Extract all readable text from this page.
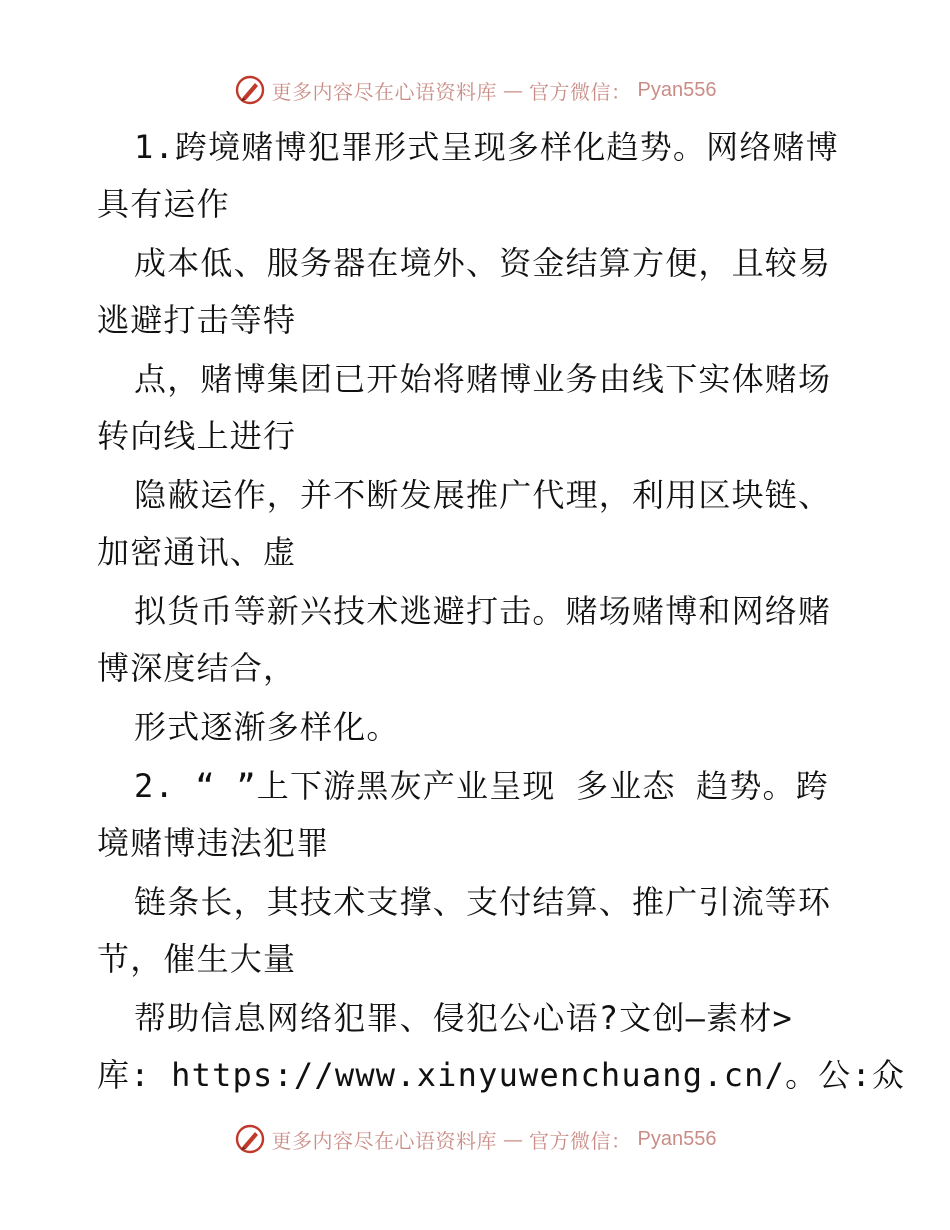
更多内容尽在心语资料库 — 官方微信： Pyan556
1.跨境赌博犯罪形式呈现多样化趋势。网络赌博
具有运作
成本低、服务器在境外、资金结算方便，且较易
逃避打击等特
点，赌博集团已开始将赌博业务由线下实体赌场
转向线上进行
隐蔽运作，并不断发展推广代理，利用区块链、
加密通讯、虚
拟货币等新兴技术逃避打击。赌场赌博和网络赌
博深度结合，
形式逐渐多样化。
2. “ ”上下游黑灰产业呈现 多业态 趋势。跨
境赌博违法犯罪
链条长，其技术支撑、支付结算、推广引流等环
节，催生大量
帮助信息网络犯罪、侵犯公心语?文创—素材>
库: https://www.xinyuwenchuang.cn/。公:众
更多内容尽在心语资料库 — 官方微信： Pyan556
